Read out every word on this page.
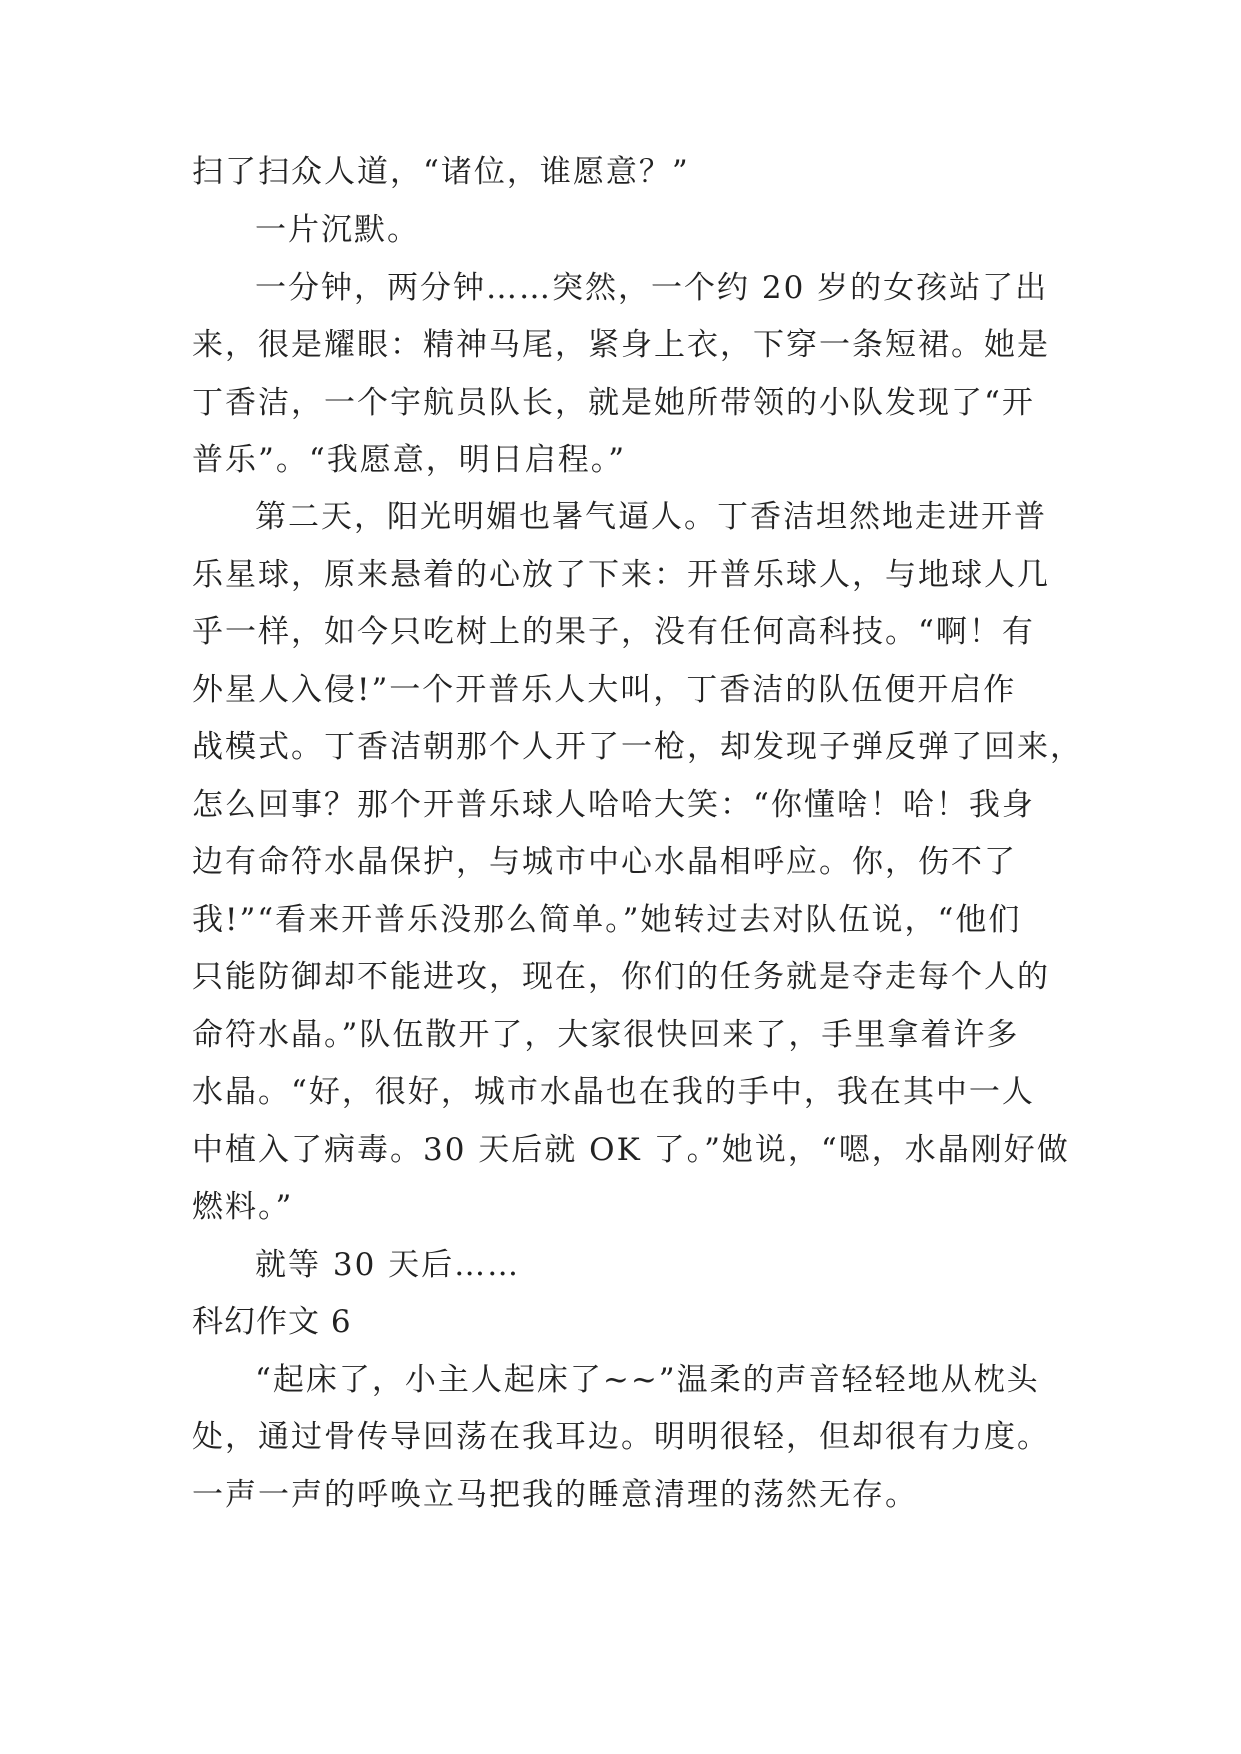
扫了扫众人道，“诸位，谁愿意？”
一片沉默。
一分钟，两分钟……突然，一个约 20 岁的女孩站了出
来，很是耀眼：精神马尾，紧身上衣，下穿一条短裙。她是
丁香洁，一个宇航员队长，就是她所带领的小队发现了“开
普乐”。“我愿意，明日启程。”
第二天，阳光明媚也暑气逼人。丁香洁坦然地走进开普
乐星球，原来悬着的心放了下来：开普乐球人，与地球人几
乎一样，如今只吃树上的果子，没有任何高科技。“啊！有
外星人入侵!”一个开普乐人大叫，丁香洁的队伍便开启作
战模式。丁香洁朝那个人开了一枪，却发现子弹反弹了回来，
怎么回事？那个开普乐球人哈哈大笑：“你懂啥！哈！我身
边有命符水晶保护，与城市中心水晶相呼应。你，伤不了
我!”“看来开普乐没那么简单。”她转过去对队伍说，“他们
只能防御却不能进攻，现在，你们的任务就是夺走每个人的
命符水晶。”队伍散开了，大家很快回来了，手里拿着许多
水晶。“好，很好，城市水晶也在我的手中，我在其中一人
中植入了病毒。30 天后就 OK 了。”她说，“嗯，水晶刚好做
燃料。”
就等 30 天后……
科幻作文 6
“起床了，小主人起床了~~”温柔的声音轻轻地从枕头
处，通过骨传导回荡在我耳边。明明很轻，但却很有力度。
一声一声的呼唤立马把我的睡意清理的荡然无存。
